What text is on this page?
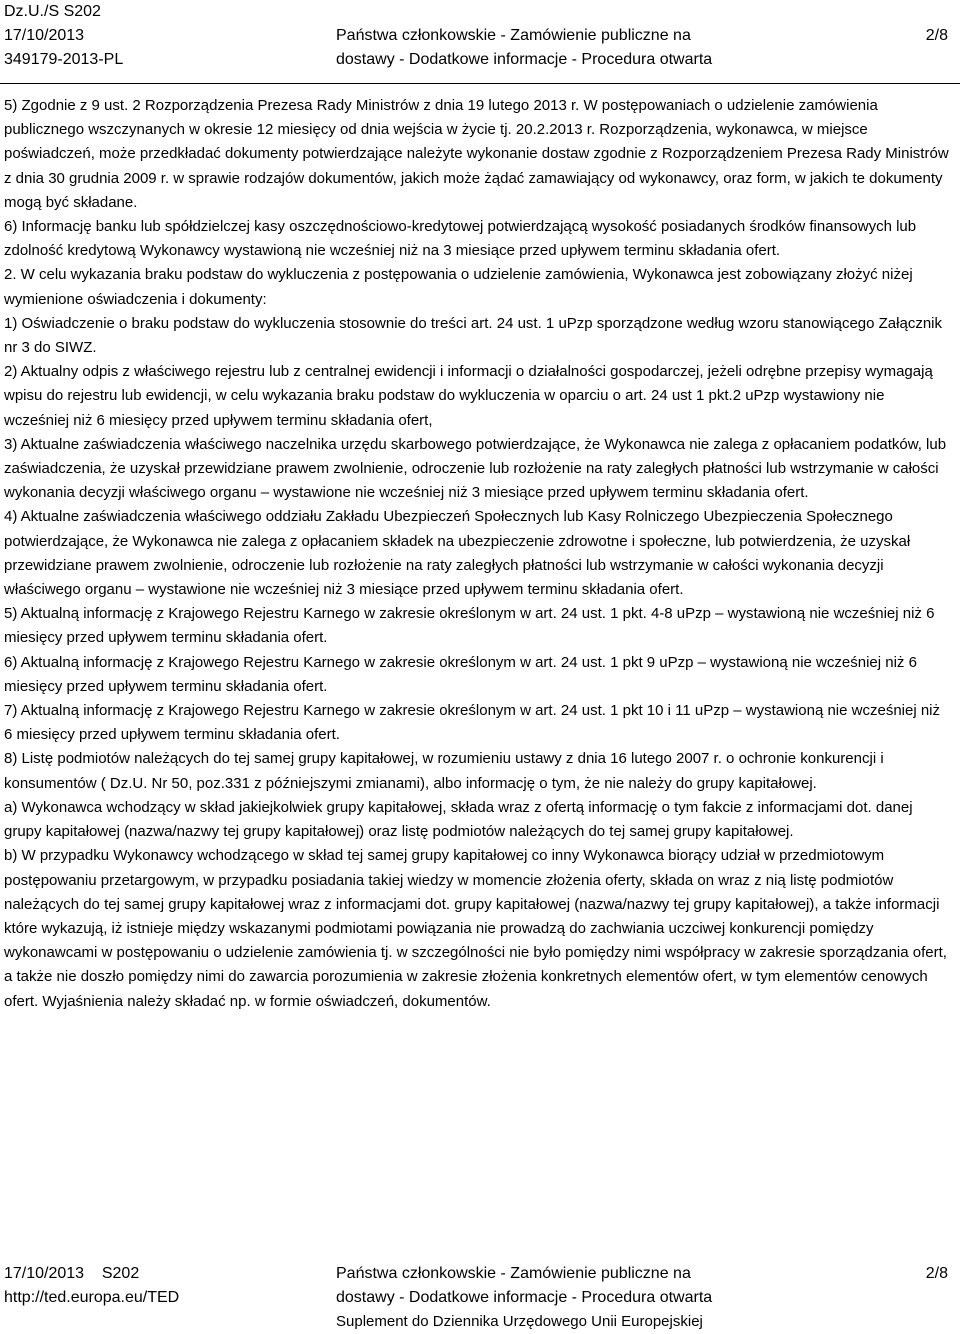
Dz.U./S S202
17/10/2013
349179-2013-PL
Państwa członkowskie - Zamówienie publiczne na
dostawy - Dodatkowe informacje - Procedura otwarta
2/8

5) Zgodnie z 9 ust. 2 Rozporządzenia Prezesa Rady Ministrów z dnia 19 lutego 2013 r. W postępowaniach o udzielenie zamówienia publicznego wszczynanych w okresie 12 miesięcy od dnia wejścia w życie tj. 20.2.2013 r. Rozporządzenia, wykonawca, w miejsce poświadczeń, może przedkładać dokumenty potwierdzające należyte wykonanie dostaw zgodnie z Rozporządzeniem Prezesa Rady Ministrów z dnia 30 grudnia 2009 r. w sprawie rodzajów dokumentów, jakich może żądać zamawiający od wykonawcy, oraz form, w jakich te dokumenty mogą być składane.

6) Informację banku lub spółdzielczej kasy oszczędnościowo-kredytowej potwierdzającą wysokość posiadanych środków finansowych lub zdolność kredytową Wykonawcy wystawioną nie wcześniej niż na 3 miesiące przed upływem terminu składania ofert.

2. W celu wykazania braku podstaw do wykluczenia z postępowania o udzielenie zamówienia, Wykonawca jest zobowiązany złożyć niżej wymienione oświadczenia i dokumenty:

1) Oświadczenie o braku podstaw do wykluczenia stosownie do treści art. 24 ust. 1 uPzp sporządzone według wzoru stanowiącego Załącznik nr 3 do SIWZ.

2) Aktualny odpis z właściwego rejestru lub z centralnej ewidencji i informacji o działalności gospodarczej, jeżeli odrębne przepisy wymagają wpisu do rejestru lub ewidencji, w celu wykazania braku podstaw do wykluczenia w oparciu o art. 24 ust 1 pkt.2 uPzp wystawiony nie wcześniej niż 6 miesięcy przed upływem terminu składania ofert,

3) Aktualne zaświadczenia właściwego naczelnika urzędu skarbowego potwierdzające, że Wykonawca nie zalega z opłacaniem podatków, lub zaświadczenia, że uzyskał przewidziane prawem zwolnienie, odroczenie lub rozłożenie na raty zaległych płatności lub wstrzymanie w całości wykonania decyzji właściwego organu – wystawione nie wcześniej niż 3 miesiące przed upływem terminu składania ofert.

4) Aktualne zaświadczenia właściwego oddziału Zakładu Ubezpieczeń Społecznych lub Kasy Rolniczego Ubezpieczenia Społecznego potwierdzające, że Wykonawca nie zalega z opłacaniem składek na ubezpieczenie zdrowotne i społeczne, lub potwierdzenia, że uzyskał przewidziane prawem zwolnienie, odroczenie lub rozłożenie na raty zaległych płatności lub wstrzymanie w całości wykonania decyzji właściwego organu – wystawione nie wcześniej niż 3 miesiące przed upływem terminu składania ofert.

5) Aktualną informację z Krajowego Rejestru Karnego w zakresie określonym w art. 24 ust. 1 pkt. 4-8 uPzp – wystawioną nie wcześniej niż 6 miesięcy przed upływem terminu składania ofert.

6) Aktualną informację z Krajowego Rejestru Karnego w zakresie określonym w art. 24 ust. 1 pkt 9 uPzp – wystawioną nie wcześniej niż 6 miesięcy przed upływem terminu składania ofert.

7) Aktualną informację z Krajowego Rejestru Karnego w zakresie określonym w art. 24 ust. 1 pkt 10 i 11 uPzp – wystawioną nie wcześniej niż 6 miesięcy przed upływem terminu składania ofert.

8) Listę podmiotów należących do tej samej grupy kapitałowej, w rozumieniu ustawy z dnia 16 lutego 2007 r. o ochronie konkurencji i konsumentów ( Dz.U. Nr 50, poz.331 z późniejszymi zmianami), albo informację o tym, że nie należy do grupy kapitałowej.

a) Wykonawca wchodzący w skład jakiejkolwiek grupy kapitałowej, składa wraz z ofertą informację o tym fakcie z informacjami dot. danej grupy kapitałowej (nazwa/nazwy tej grupy kapitałowej) oraz listę podmiotów należących do tej samej grupy kapitałowej.

b) W przypadku Wykonawcy wchodzącego w skład tej samej grupy kapitałowej co inny Wykonawca biorący udział w przedmiotowym postępowaniu przetargowym, w przypadku posiadania takiej wiedzy w momencie złożenia oferty, składa on wraz z nią listę podmiotów należących do tej samej grupy kapitałowej wraz z informacjami dot. grupy kapitałowej (nazwa/nazwy tej grupy kapitałowej), a także informacji które wykazują, iż istnieje między wskazanymi podmiotami powiązania nie prowadzą do zachwiania uczciwej konkurencji pomiędzy wykonawcami w postępowaniu o udzielenie zamówienia tj. w szczególności nie było pomiędzy nimi współpracy w zakresie sporządzania ofert, a także nie doszło pomiędzy nimi do zawarcia porozumienia w zakresie złożenia konkretnych elementów ofert, w tym elementów cenowych ofert. Wyjaśnienia należy składać np. w formie oświadczeń, dokumentów.

17/10/2013 S202
http://ted.europa.eu/TED
Państwa członkowskie - Zamówienie publiczne na
dostawy - Dodatkowe informacje - Procedura otwarta
Suplement do Dziennika Urzędowego Unii Europejskiej
2/8
